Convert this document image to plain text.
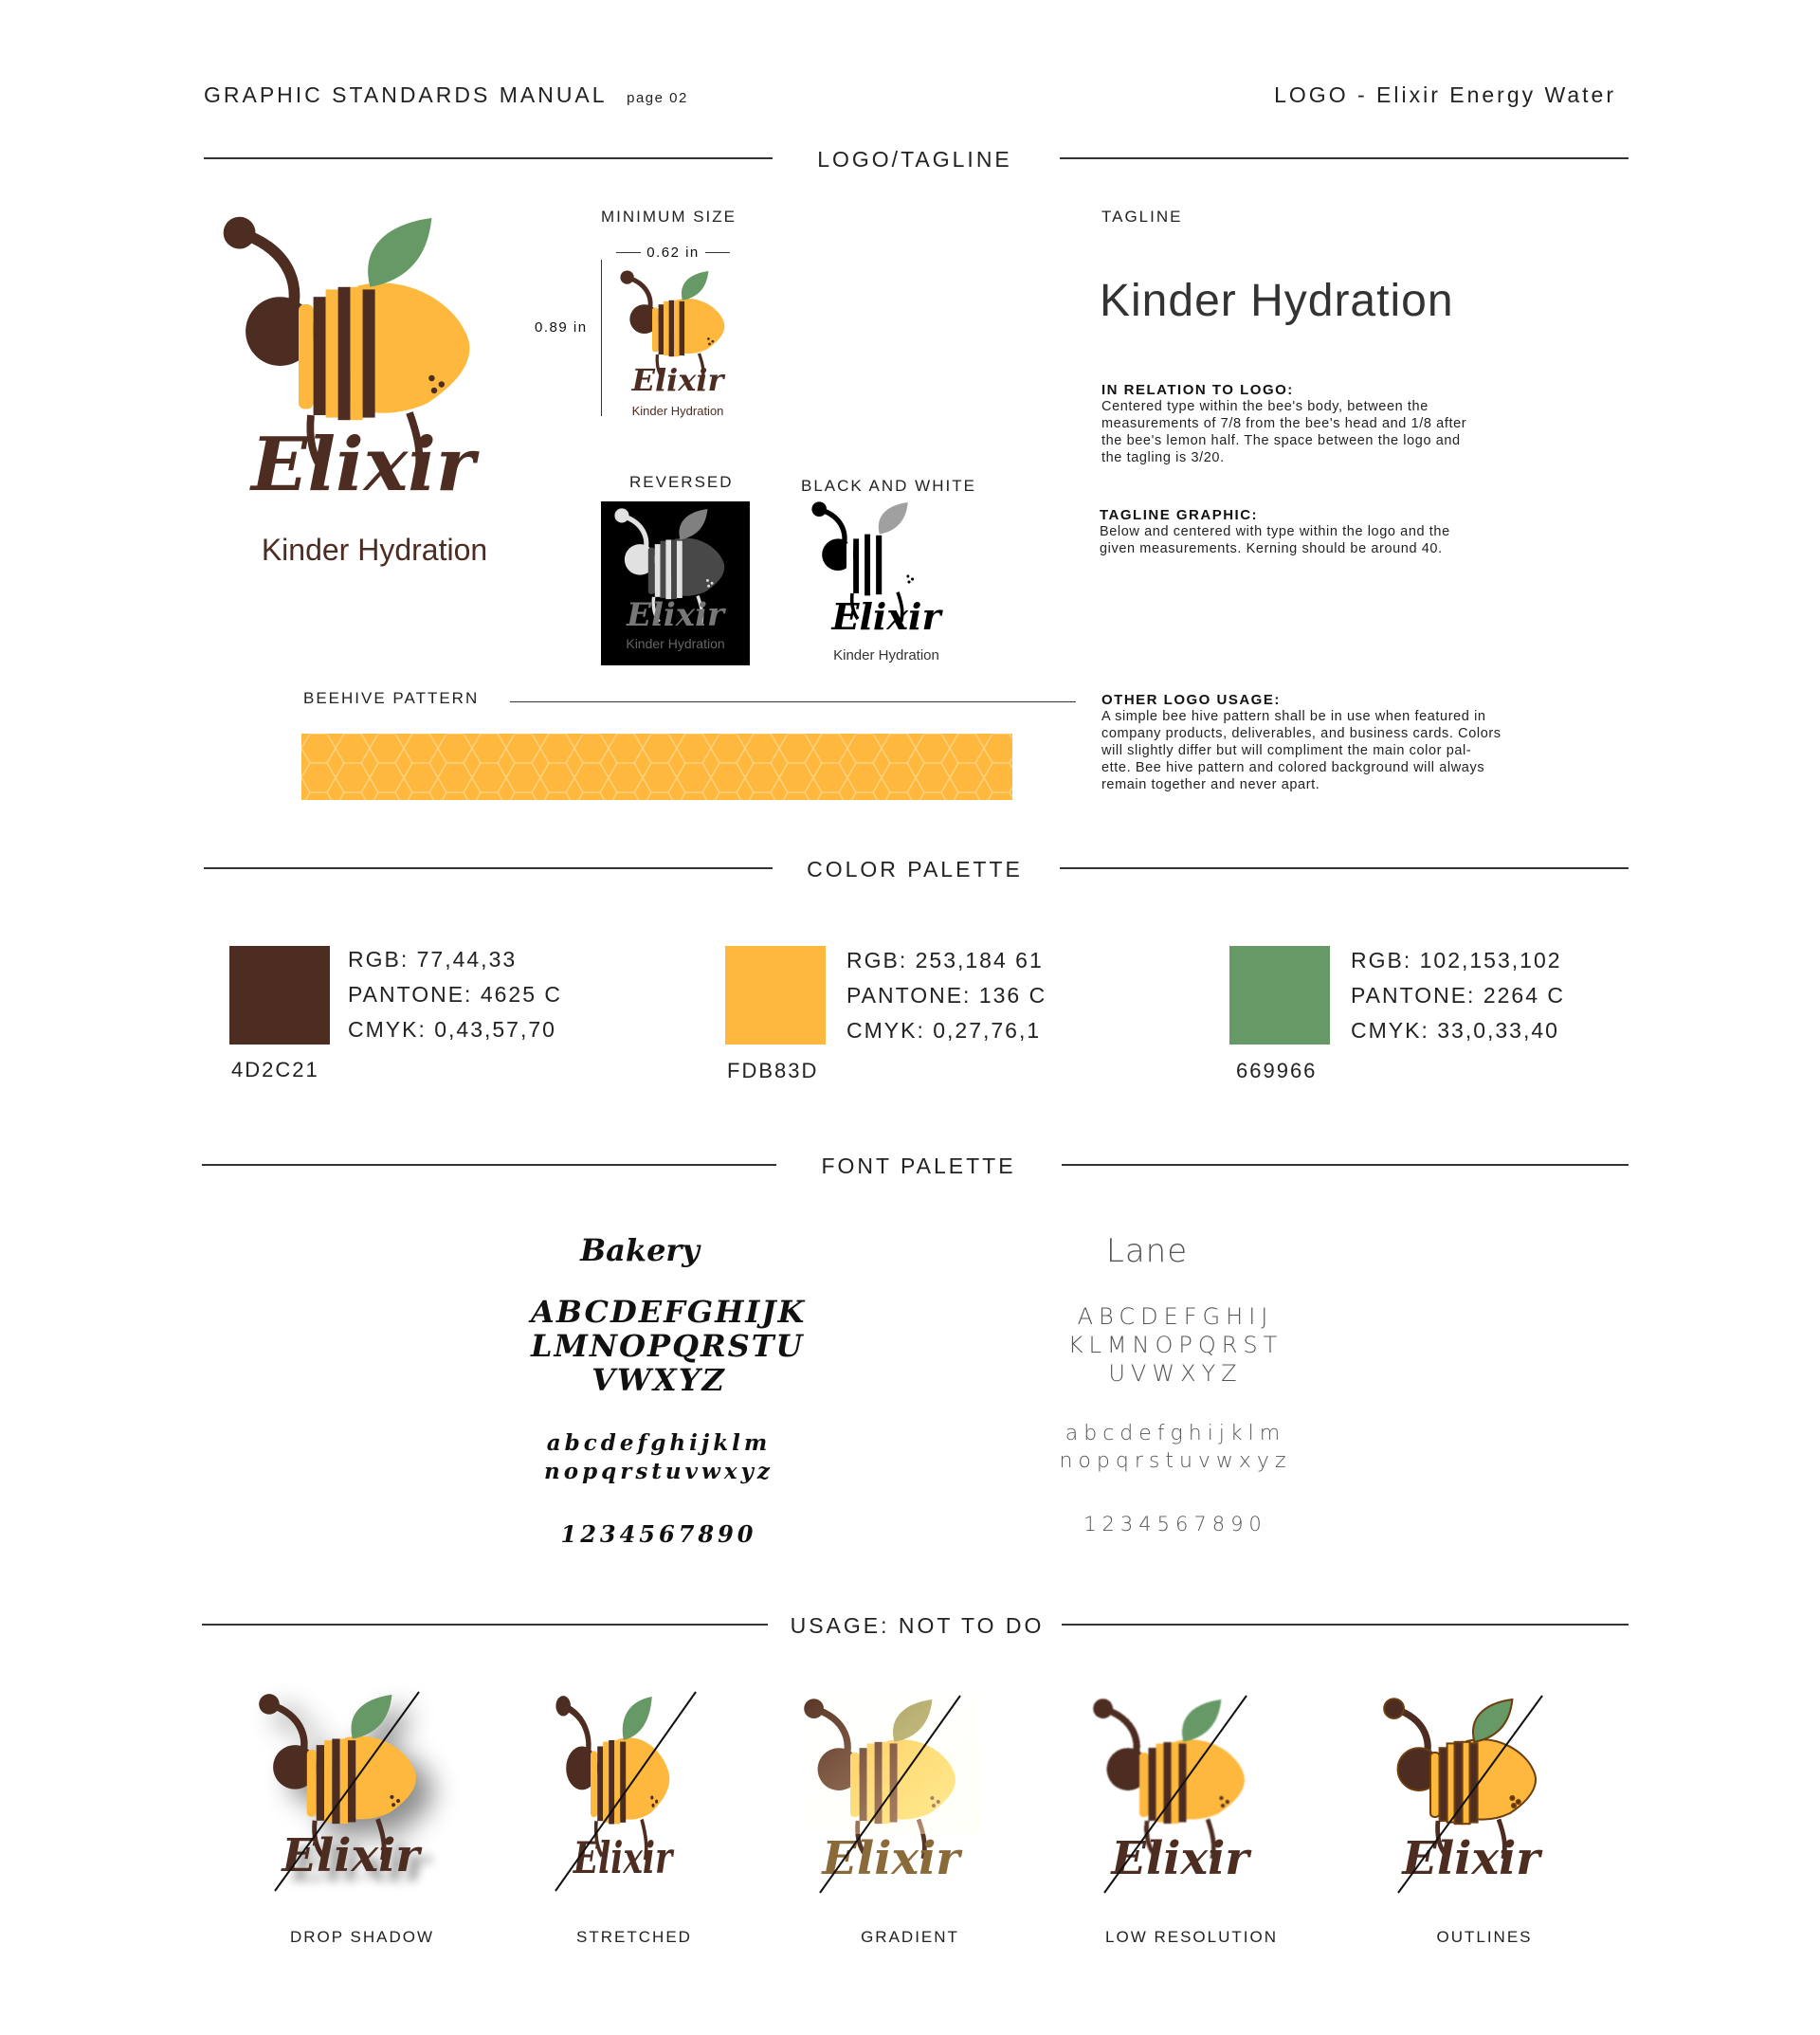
GRAPHIC STANDARDS MANUAL page 02	LOGO - Elixir Energy Water
LOGO/TAGLINE
Elixir
Kinder Hydration
MINIMUM SIZE
0.62 in
0.89 in
Elixir
Kinder Hydration
REVERSED
Elixir
Kinder Hydration
BLACK AND WHITE
Elixir
Kinder Hydration
TAGLINE
Kinder Hydration
IN RELATION TO LOGO:
Centered type within the bee's body, between the
measurements of 7/8 from the bee's head and 1/8 after
the bee's lemon half. The space between the logo and
the tagling is 3/20.
TAGLINE GRAPHIC:
Below and centered with type within the logo and the
given measurements. Kerning should be around 40.
BEEHIVE PATTERN	OTHER LOGO USAGE:
A simple bee hive pattern shall be in use when featured in
company products, deliverables, and business cards. Colors
will slightly differ but will compliment the main color pal-
ette. Bee hive pattern and colored background will always
remain together and never apart.
COLOR PALETTE
RGB: 77,44,33
PANTONE: 4625 C
CMYK: 0,43,57,70
4D2C21
RGB: 253,184 61
PANTONE: 136 C
CMYK: 0,27,76,1
FDB83D
RGB: 102,153,102
PANTONE: 2264 C
CMYK: 33,0,33,40
669966
FONT PALETTE
Bakery
ABCDEFGHIJK
LMNOPQRSTU
VWXYZ
abcdefghijklm
nopqrstuvwxyz
1234567890
Lane
ABCDEFGHIJ
KLMNOPQRST
UVWXYZ
abcdefghijklm
nopqrstuvwxyz
1234567890
USAGE: NOT TO DO
Elixir	Elixir	Elixir	Elixir	Elixir
DROP SHADOW	STRETCHED	GRADIENT	LOW RESOLUTION	OUTLINES
